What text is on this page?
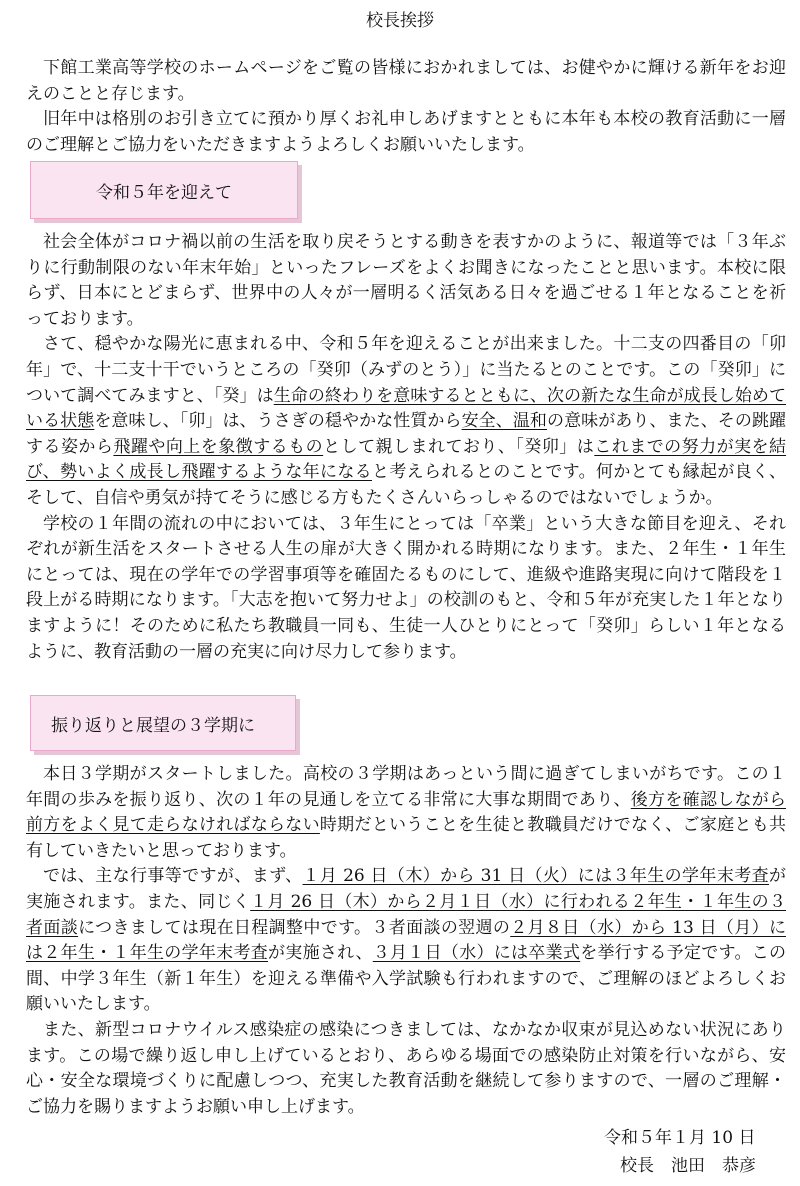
校長挨拶

下館工業高等学校のホームページをご覧の皆様におかれましては、お健やかに輝ける新年をお迎えのことと存じます。

旧年中は格別のお引き立てに預かり厚くお礼申しあげますとともに本年も本校の教育活動に一層のご理解とご協力をいただきますようよろしくお願いいたします。

令和５年を迎えて

社会全体がコロナ禍以前の生活を取り戻そうとする動きを表すかのように、報道等では「３年ぶりに行動制限のない年末年始」といったフレーズをよくお聞きになったことと思います。本校に限らず、日本にとどまらず、世界中の人々が一層明るく活気ある日々を過ごせる１年となることを祈っております。

さて、穏やかな陽光に恵まれる中、令和５年を迎えることが出来ました。十二支の四番目の「卯年」で、十二支十干でいうところの「癸卯（みずのとう）」に当たるとのことです。この「癸卯」について調べてみますと、「癸」は生命の終わりを意味するとともに、次の新たな生命が成長し始めている状態を意味し、「卯」は、うさぎの穏やかな性質から安全、温和の意味があり、また、その跳躍する姿から飛躍や向上を象徴するものとして親しまれており、「癸卯」はこれまでの努力が実を結び、勢いよく成長し飛躍するような年になると考えられるとのことです。何かとても縁起が良く、そして、自信や勇気が持てそうに感じる方もたくさんいらっしゃるのではないでしょうか。

学校の１年間の流れの中においては、３年生にとっては「卒業」という大きな節目を迎え、それぞれが新生活をスタートさせる人生の扉が大きく開かれる時期になります。また、２年生・１年生にとっては、現在の学年での学習事項等を確固たるものにして、進級や進路実現に向けて階段を１段上がる時期になります。「大志を抱いて努力せよ」の校訓のもと、令和５年が充実した１年となりますように！そのために私たち教職員一同も、生徒一人ひとりにとって「癸卯」らしい１年となるように、教育活動の一層の充実に向け尽力して参ります。

振り返りと展望の３学期に

本日３学期がスタートしました。高校の３学期はあっという間に過ぎてしまいがちです。この１年間の歩みを振り返り、次の１年の見通しを立てる非常に大事な期間であり、後方を確認しながら前方をよく見て走らなければならない時期だということを生徒と教職員だけでなく、ご家庭とも共有していきたいと思っております。

では、主な行事等ですが、まず、１月 26 日（木）から 31 日（火）には３年生の学年末考査が実施されます。また、同じく１月 26 日（木）から２月１日（水）に行われる２年生・１年生の３者面談につきましては現在日程調整中です。３者面談の翌週の２月８日（水）から 13 日（月）には２年生・１年生の学年末考査が実施され、３月１日（水）には卒業式を挙行する予定です。この間、中学３年生（新１年生）を迎える準備や入学試験も行われますので、ご理解のほどよろしくお願いいたします。

また、新型コロナウイルス感染症の感染につきましては、なかなか収束が見込めない状況にあります。この場で繰り返し申し上げているとおり、あらゆる場面での感染防止対策を行いながら、安心・安全な環境づくりに配慮しつつ、充実した教育活動を継続して参りますので、一層のご理解・ご協力を賜りますようお願い申し上げます。

令和５年１月 10 日
校長　 池田　恭彦
